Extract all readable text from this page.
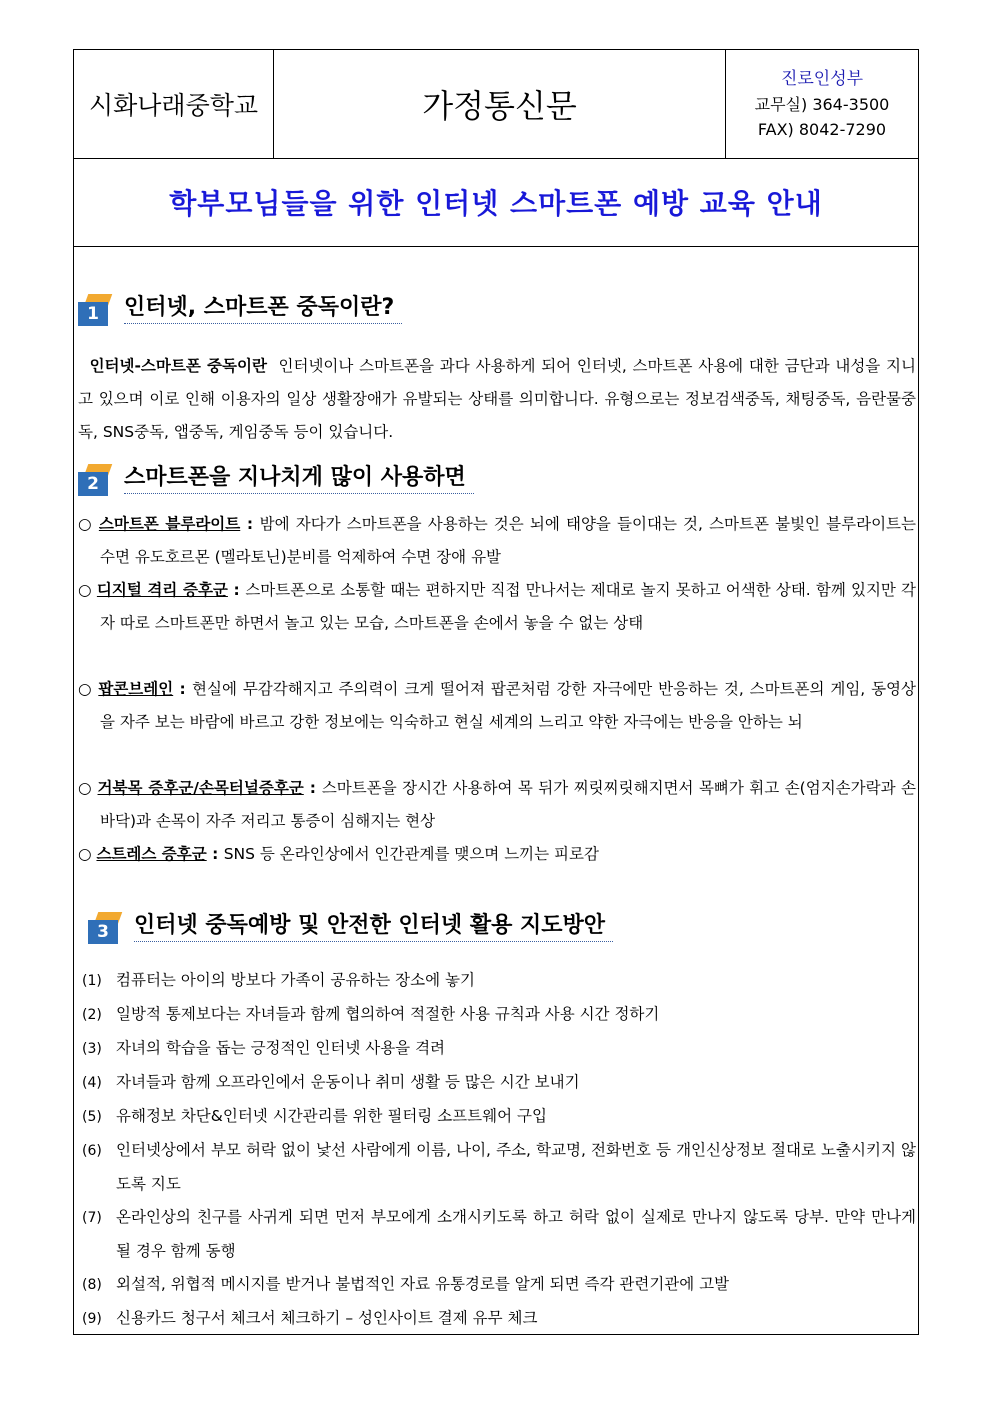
시화나래중학교	가정통신문
진로인성부
교무실) 364-3500
FAX) 8042-7290
학부모님들을 위한 인터넷 스마트폰 예방 교육 안내
1	인터넷, 스마트폰 중독이란?
인터넷-스마트폰 중독이란 인터넷이나 스마트폰을 과다 사용하게 되어 인터넷, 스마트폰 사용에 대한 금단과 내성을 지니고 있으며 이로 인해 이용자의 일상 생활장애가 유발되는 상태를 의미합니다. 유형으로는 정보검색중독, 채팅중독, 음란물중독, SNS중독, 앱중독, 게임중독 등이 있습니다.
2	스마트폰을 지나치게 많이 사용하면
○ 스마트폰 블루라이트 : 밤에 자다가 스마트폰을 사용하는 것은 뇌에 태양을 들이대는 것, 스마트폰 불빛인 블루라이트는 수면 유도호르몬 (멜라토닌)분비를 억제하여 수면 장애 유발
○ 디지털 격리 증후군 : 스마트폰으로 소통할 때는 편하지만 직접 만나서는 제대로 놀지 못하고 어색한 상태. 함께 있지만 각자 따로 스마트폰만 하면서 놀고 있는 모습, 스마트폰을 손에서 놓을 수 없는 상태
○ 팝콘브레인 : 현실에 무감각해지고 주의력이 크게 떨어져 팝콘처럼 강한 자극에만 반응하는 것, 스마트폰의 게임, 동영상을 자주 보는 바람에 바르고 강한 정보에는 익숙하고 현실 세계의 느리고 약한 자극에는 반응을 안하는 뇌
○ 거북목 증후군/손목터널증후군 : 스마트폰을 장시간 사용하여 목 뒤가 찌릿찌릿해지면서 목뼈가 휘고 손(엄지손가락과 손바닥)과 손목이 자주 저리고 통증이 심해지는 현상
○ 스트레스 증후군 : SNS 등 온라인상에서 인간관계를 맺으며 느끼는 피로감
3	인터넷 중독예방 및 안전한 인터넷 활용 지도방안
(1) 컴퓨터는 아이의 방보다 가족이 공유하는 장소에 놓기
(2) 일방적 통제보다는 자녀들과 함께 협의하여 적절한 사용 규칙과 사용 시간 정하기
(3) 자녀의 학습을 돕는 긍정적인 인터넷 사용을 격려
(4) 자녀들과 함께 오프라인에서 운동이나 취미 생활 등 많은 시간 보내기
(5) 유해정보 차단&인터넷 시간관리를 위한 필터링 소프트웨어 구입
(6) 인터넷상에서 부모 허락 없이 낯선 사람에게 이름, 나이, 주소, 학교명, 전화번호 등 개인신상정보 절대로 노출시키지 않도록 지도
(7) 온라인상의 친구를 사귀게 되면 먼저 부모에게 소개시키도록 하고 허락 없이 실제로 만나지 않도록 당부. 만약 만나게 될 경우 함께 동행
(8) 외설적, 위협적 메시지를 받거나 불법적인 자료 유통경로를 알게 되면 즉각 관련기관에 고발
(9) 신용카드 청구서 체크서 체크하기 – 성인사이트 결제 유무 체크
